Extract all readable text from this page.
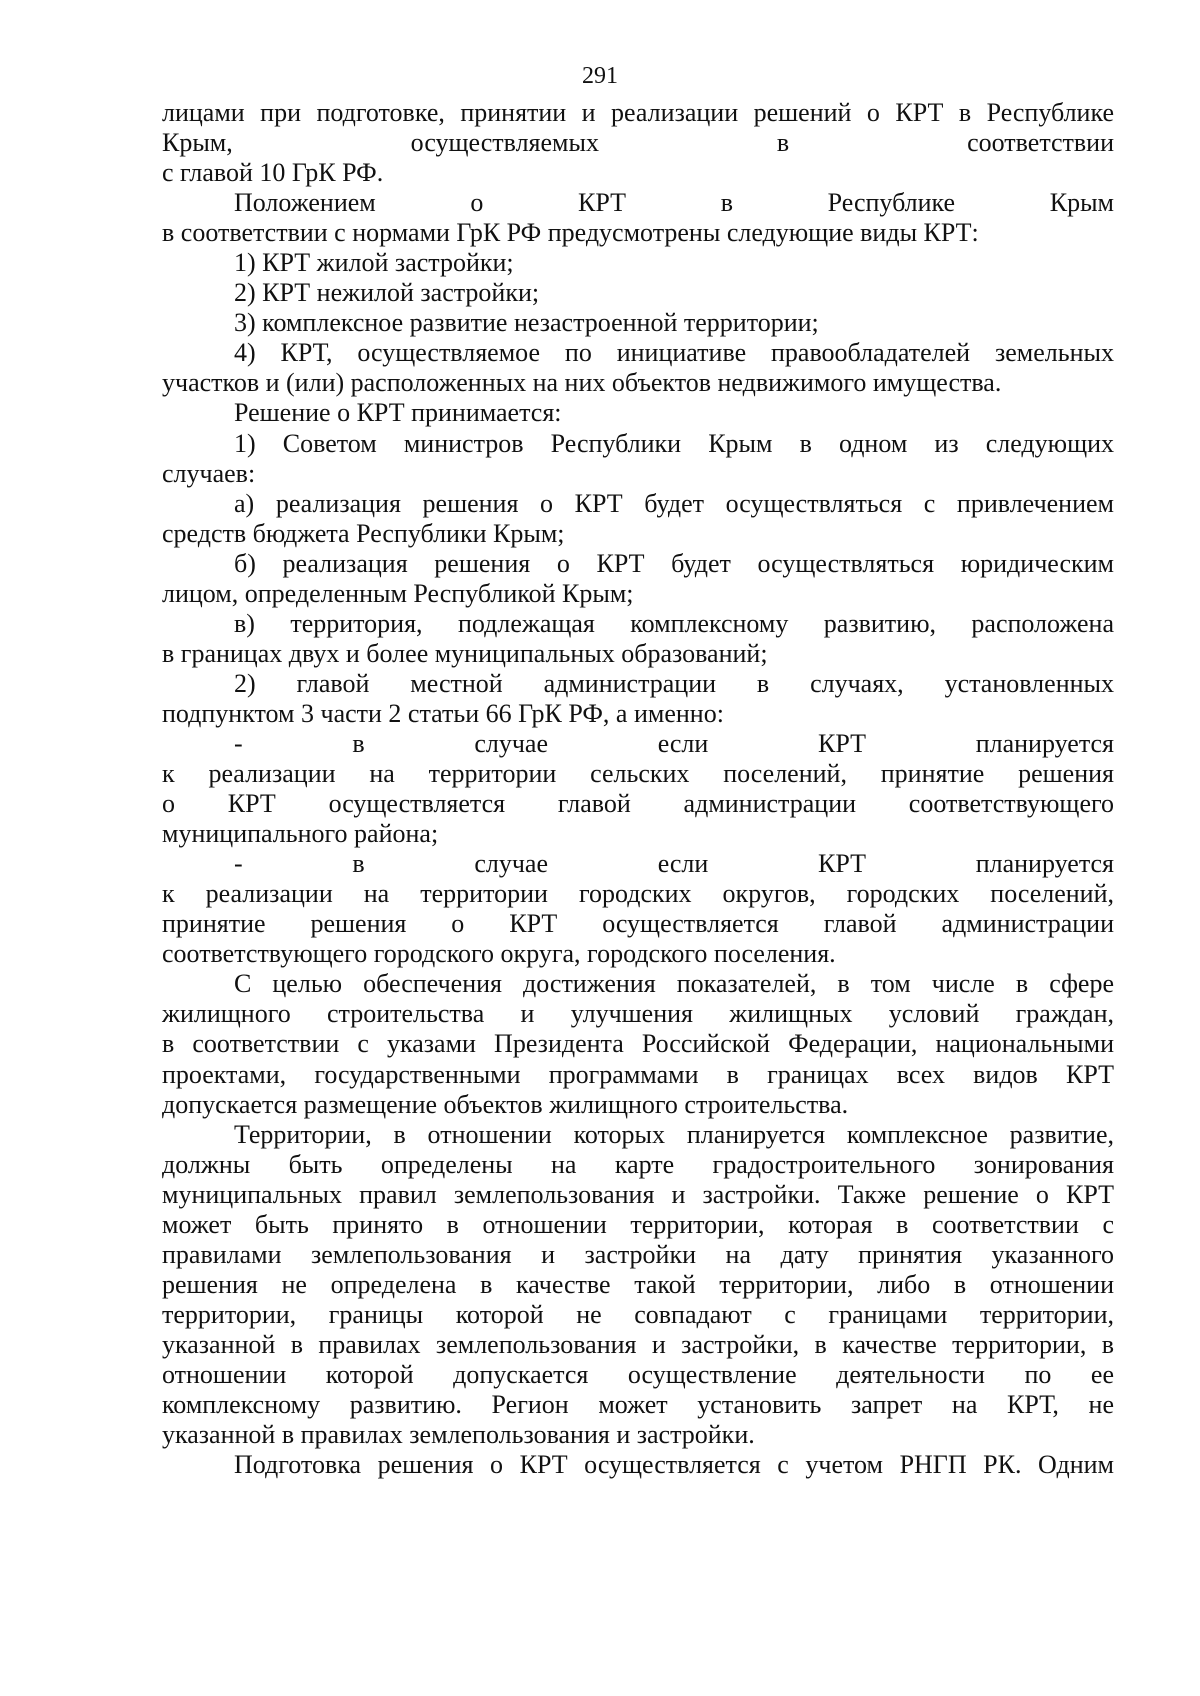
291
лицами при подготовке, принятии и реализации решений о КРТ в Республике
Крым, осуществляемых в соответствии
с главой 10 ГрК РФ.
Положением о КРТ в Республике Крым
в соответствии с нормами ГрК РФ предусмотрены следующие виды КРТ:
1) КРТ жилой застройки;
2) КРТ нежилой застройки;
3) комплексное развитие незастроенной территории;
4) КРТ, осуществляемое по инициативе правообладателей земельных
участков и (или) расположенных на них объектов недвижимого имущества.
Решение о КРТ принимается:
1) Советом министров Республики Крым в одном из следующих
случаев:
а) реализация решения о КРТ будет осуществляться с привлечением
средств бюджета Республики Крым;
б) реализация решения о КРТ будет осуществляться юридическим
лицом, определенным Республикой Крым;
в) территория, подлежащая комплексному развитию, расположена
в границах двух и более муниципальных образований;
2) главой местной администрации в случаях, установленных
подпунктом 3 части 2 статьи 66 ГрК РФ, а именно:
- в случае если КРТ планируется
к реализации на территории сельских поселений, принятие решения
о КРТ осуществляется главой администрации соответствующего
муниципального района;
- в случае если КРТ планируется
к реализации на территории городских округов, городских поселений,
принятие решения о КРТ осуществляется главой администрации
соответствующего городского округа, городского поселения.
С целью обеспечения достижения показателей, в том числе в сфере
жилищного строительства и улучшения жилищных условий граждан,
в соответствии с указами Президента Российской Федерации, национальными
проектами, государственными программами в границах всех видов КРТ
допускается размещение объектов жилищного строительства.
Территории, в отношении которых планируется комплексное развитие,
должны быть определены на карте градостроительного зонирования
муниципальных правил землепользования и застройки. Также решение о КРТ
может быть принято в отношении территории, которая в соответствии с
правилами землепользования и застройки на дату принятия указанного
решения не определена в качестве такой территории, либо в отношении
территории, границы которой не совпадают с границами территории,
указанной в правилах землепользования и застройки, в качестве территории, в
отношении которой допускается осуществление деятельности по ее
комплексному развитию. Регион может установить запрет на КРТ, не
указанной в правилах землепользования и застройки.
Подготовка решения о КРТ осуществляется с учетом РНГП РК. Одним
